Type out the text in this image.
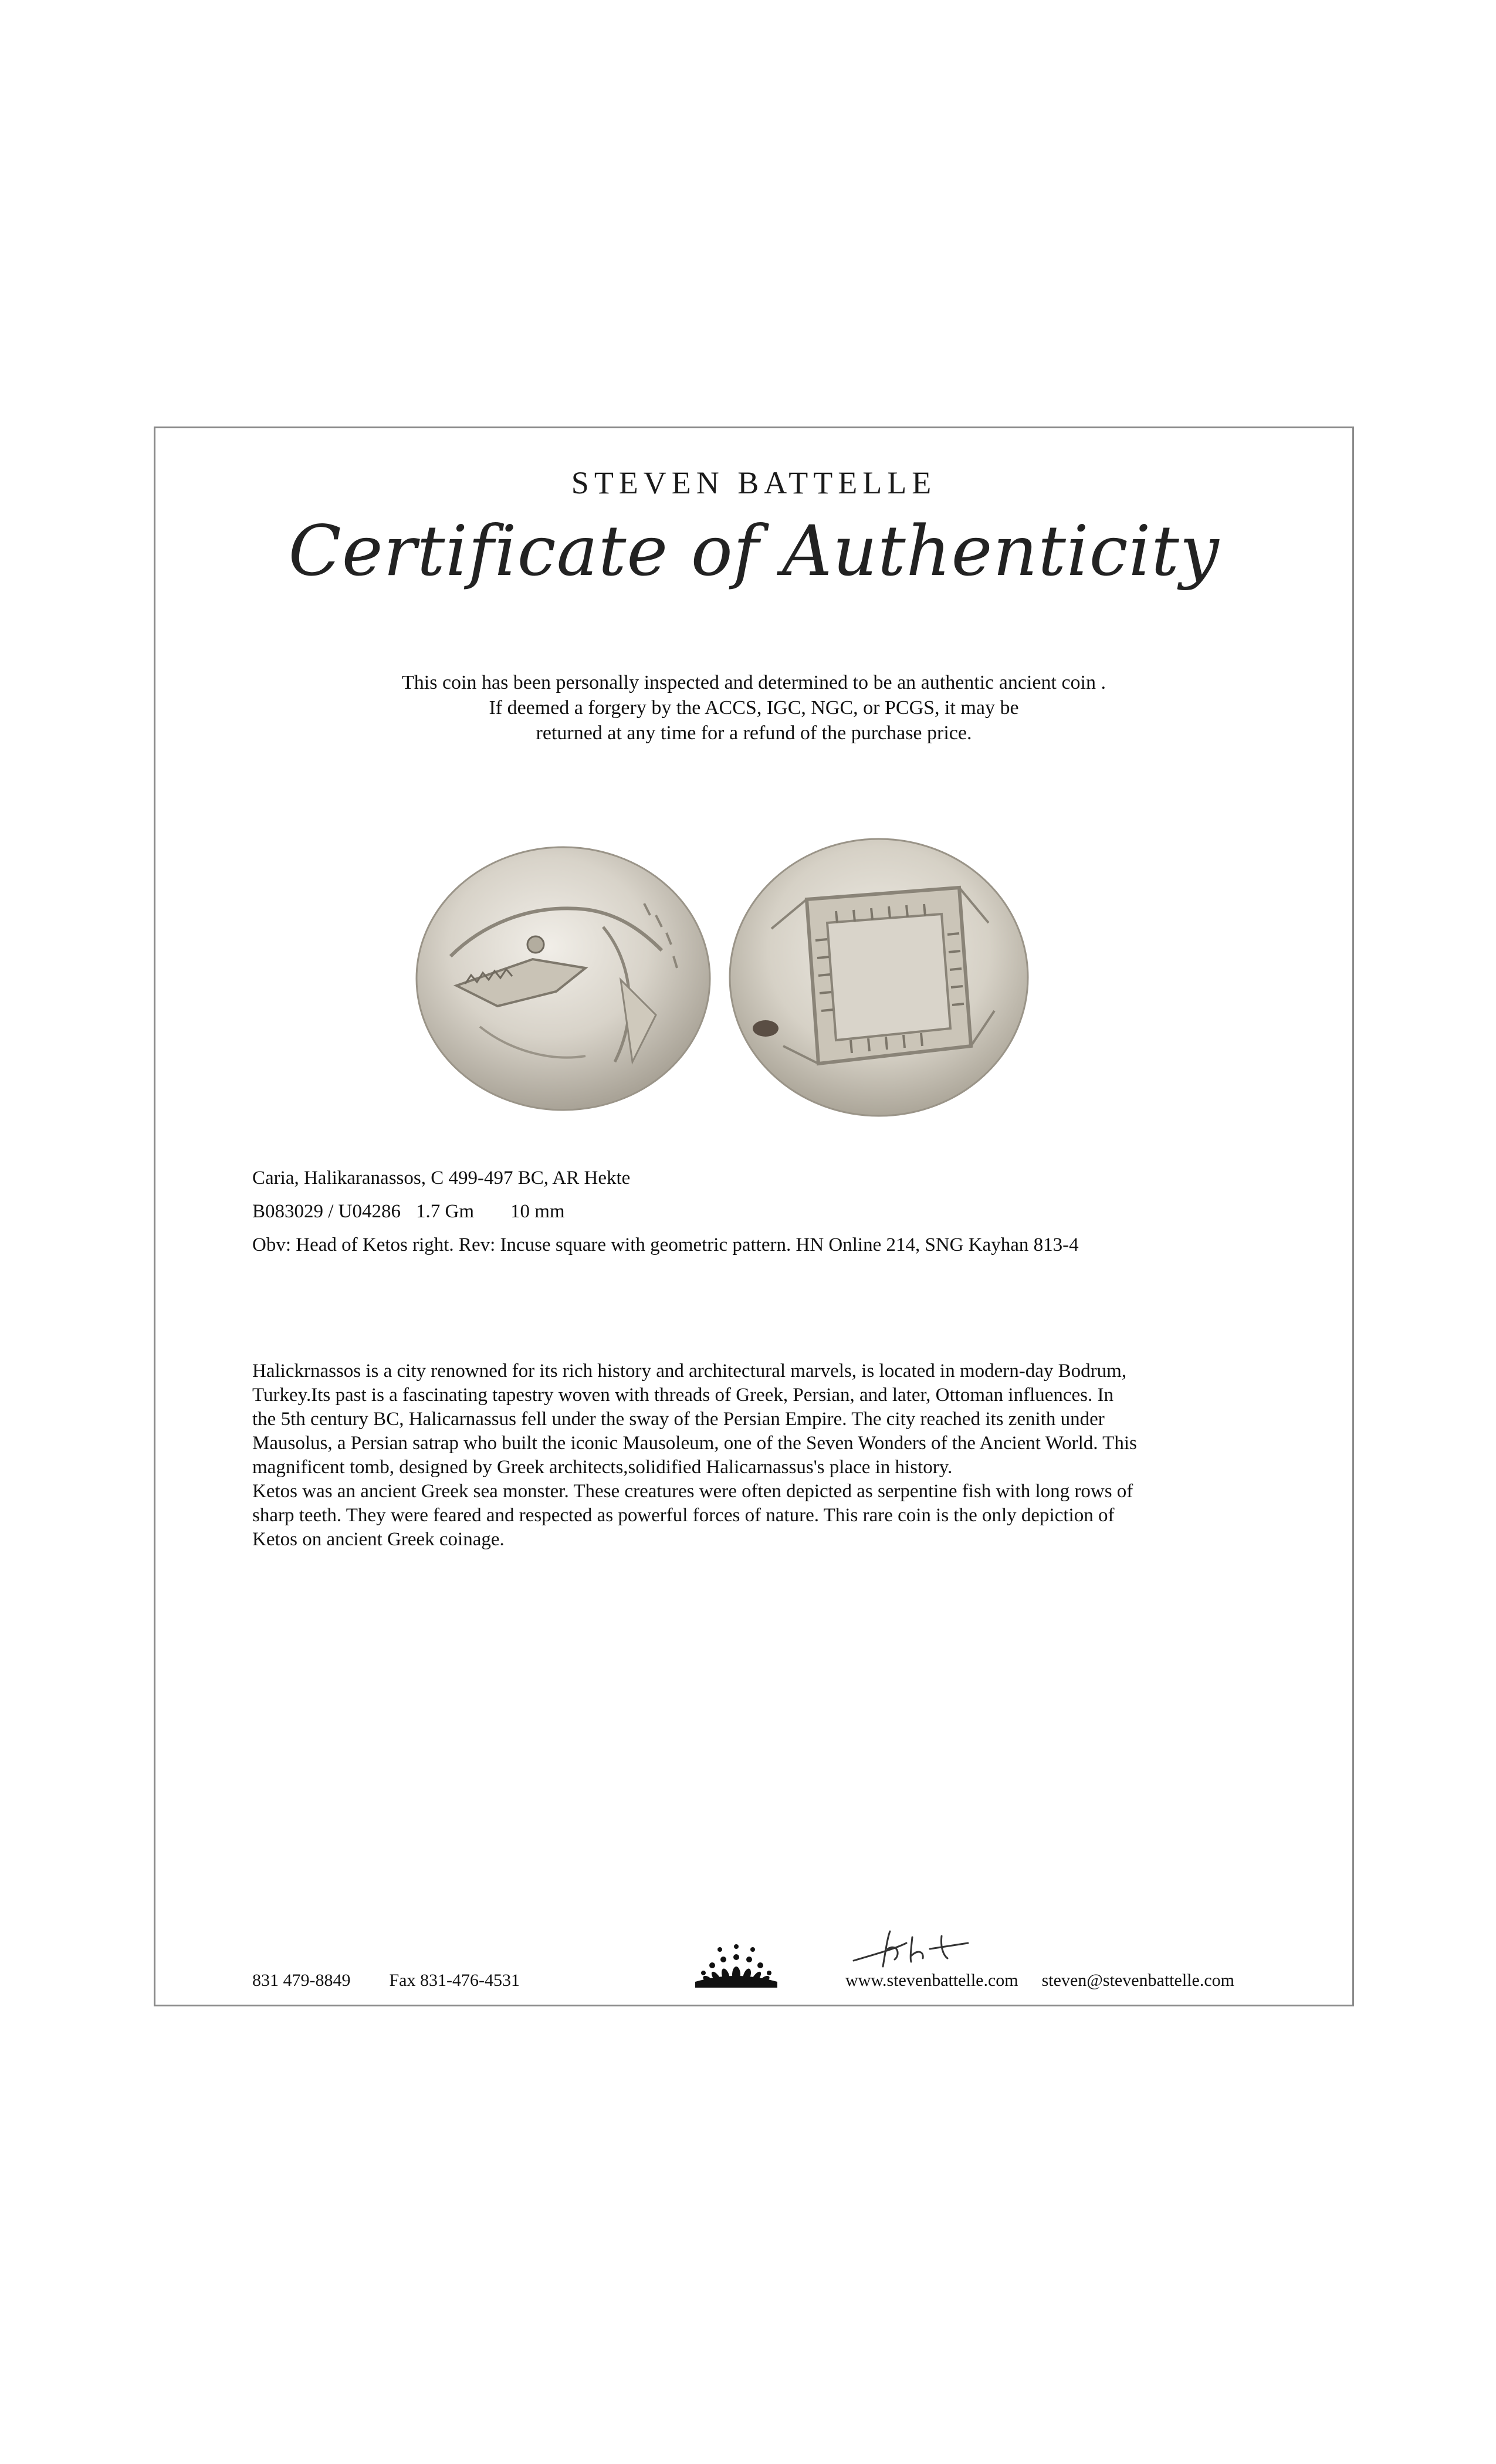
STEVEN BATTELLE
Certificate of Authenticity
This coin has been personally inspected and determined to be an authentic ancient coin .
If deemed a forgery by the ACCS, IGC, NGC, or PCGS, it may be
returned at any time for a refund of the purchase price.
Caria, Halikaranassos, C 499-497 BC, AR Hekte
B083029 / U04286 1.7 Gm 10 mm
Obv: Head of Ketos right. Rev: Incuse square with geometric pattern. HN Online 214, SNG Kayhan 813-4
Halickrnassos is a city renowned for its rich history and architectural marvels, is located in modern-day Bodrum,
Turkey.Its past is a fascinating tapestry woven with threads of Greek, Persian, and later, Ottoman influences. In
the 5th century BC, Halicarnassus fell under the sway of the Persian Empire. The city reached its zenith under
Mausolus, a Persian satrap who built the iconic Mausoleum, one of the Seven Wonders of the Ancient World. This
magnificent tomb, designed by Greek architects,solidified Halicarnassus's place in history.
Ketos was an ancient Greek sea monster. These creatures were often depicted as serpentine fish with long rows of
sharp teeth. They were feared and respected as powerful forces of nature. This rare coin is the only depiction of
Ketos on ancient Greek coinage.
831 479-8849 Fax 831-476-4531	www.stevenbattelle.com steven@stevenbattelle.com
